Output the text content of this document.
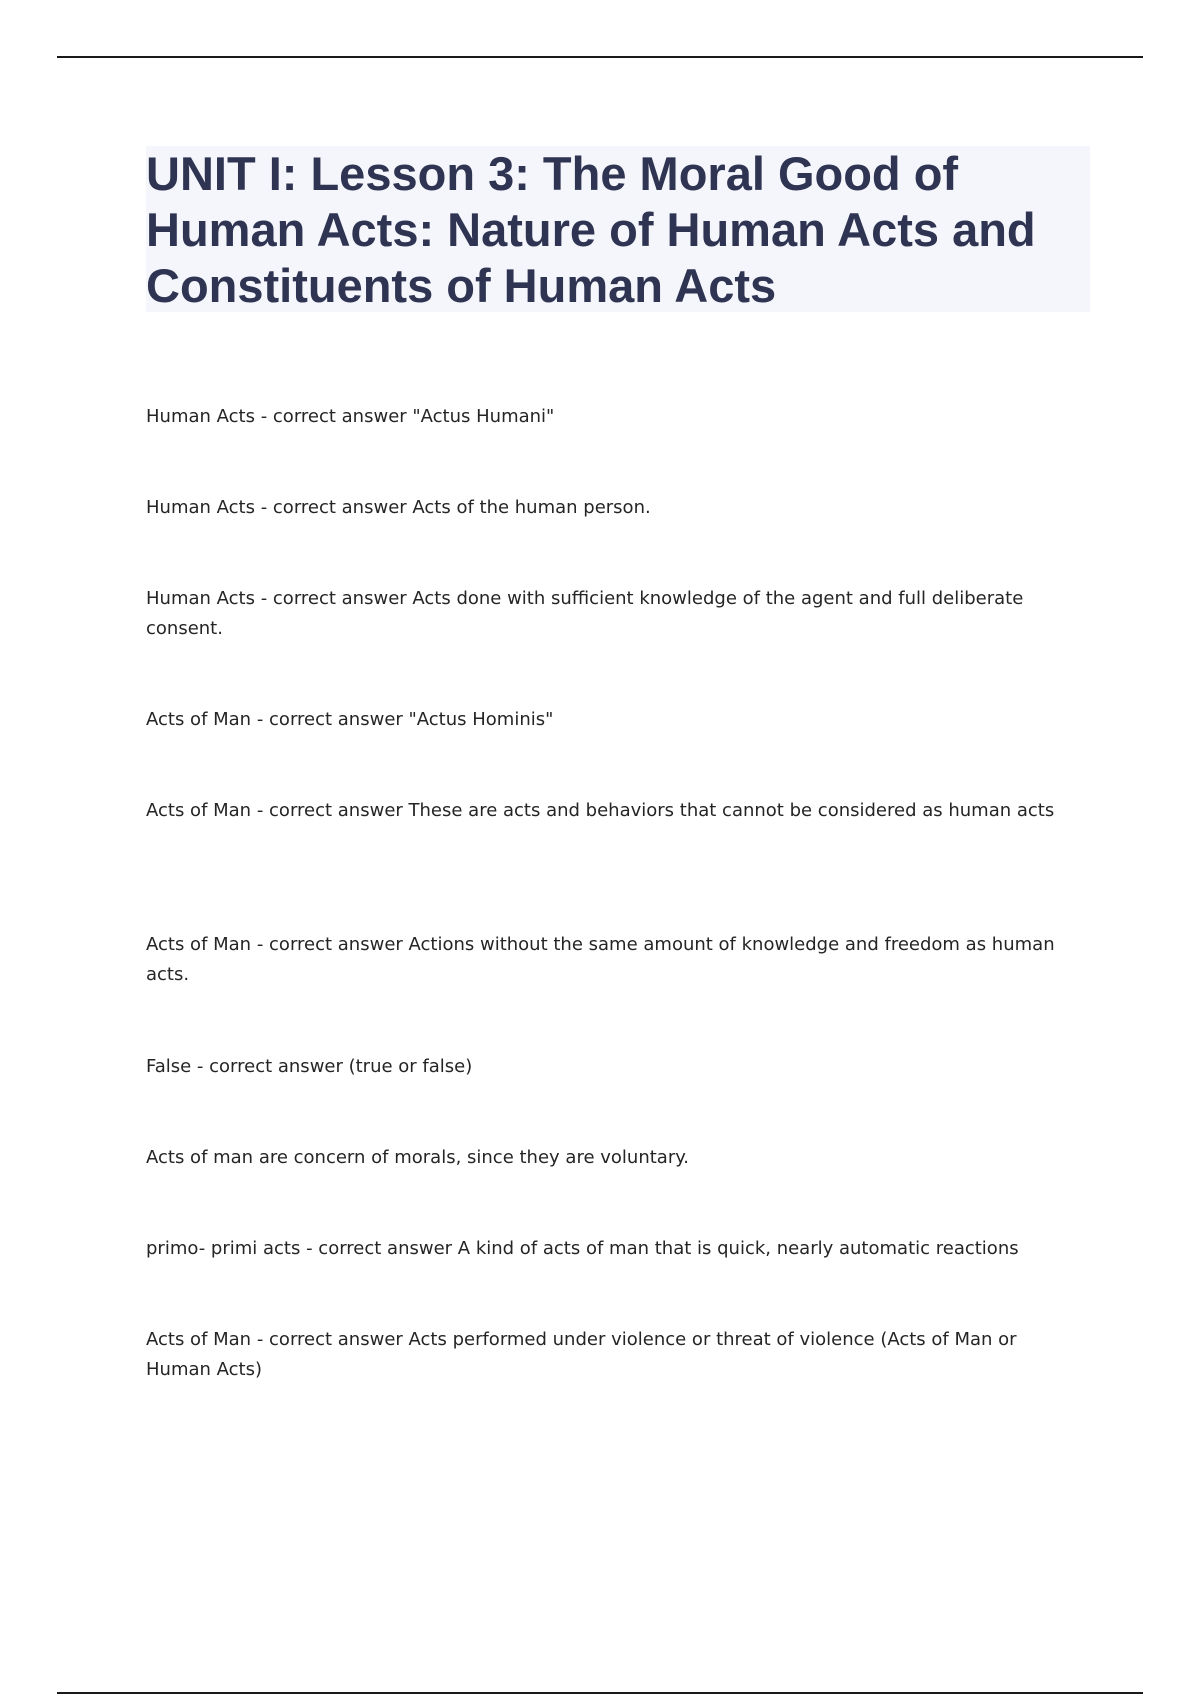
UNIT I: Lesson 3: The Moral Good of Human Acts: Nature of Human Acts and Constituents of Human Acts

Human Acts - correct answer "Actus Humani"

Human Acts - correct answer Acts of the human person.

Human Acts - correct answer Acts done with sufficient knowledge of the agent and full deliberate consent.

Acts of Man - correct answer "Actus Hominis"

Acts of Man - correct answer These are acts and behaviors that cannot be considered as human acts

Acts of Man - correct answer Actions without the same amount of knowledge and freedom as human acts.

False - correct answer (true or false)

Acts of man are concern of morals, since they are voluntary.

primo- primi acts - correct answer A kind of acts of man that is quick, nearly automatic reactions

Acts of Man - correct answer Acts performed under violence or threat of violence (Acts of Man or Human Acts)
